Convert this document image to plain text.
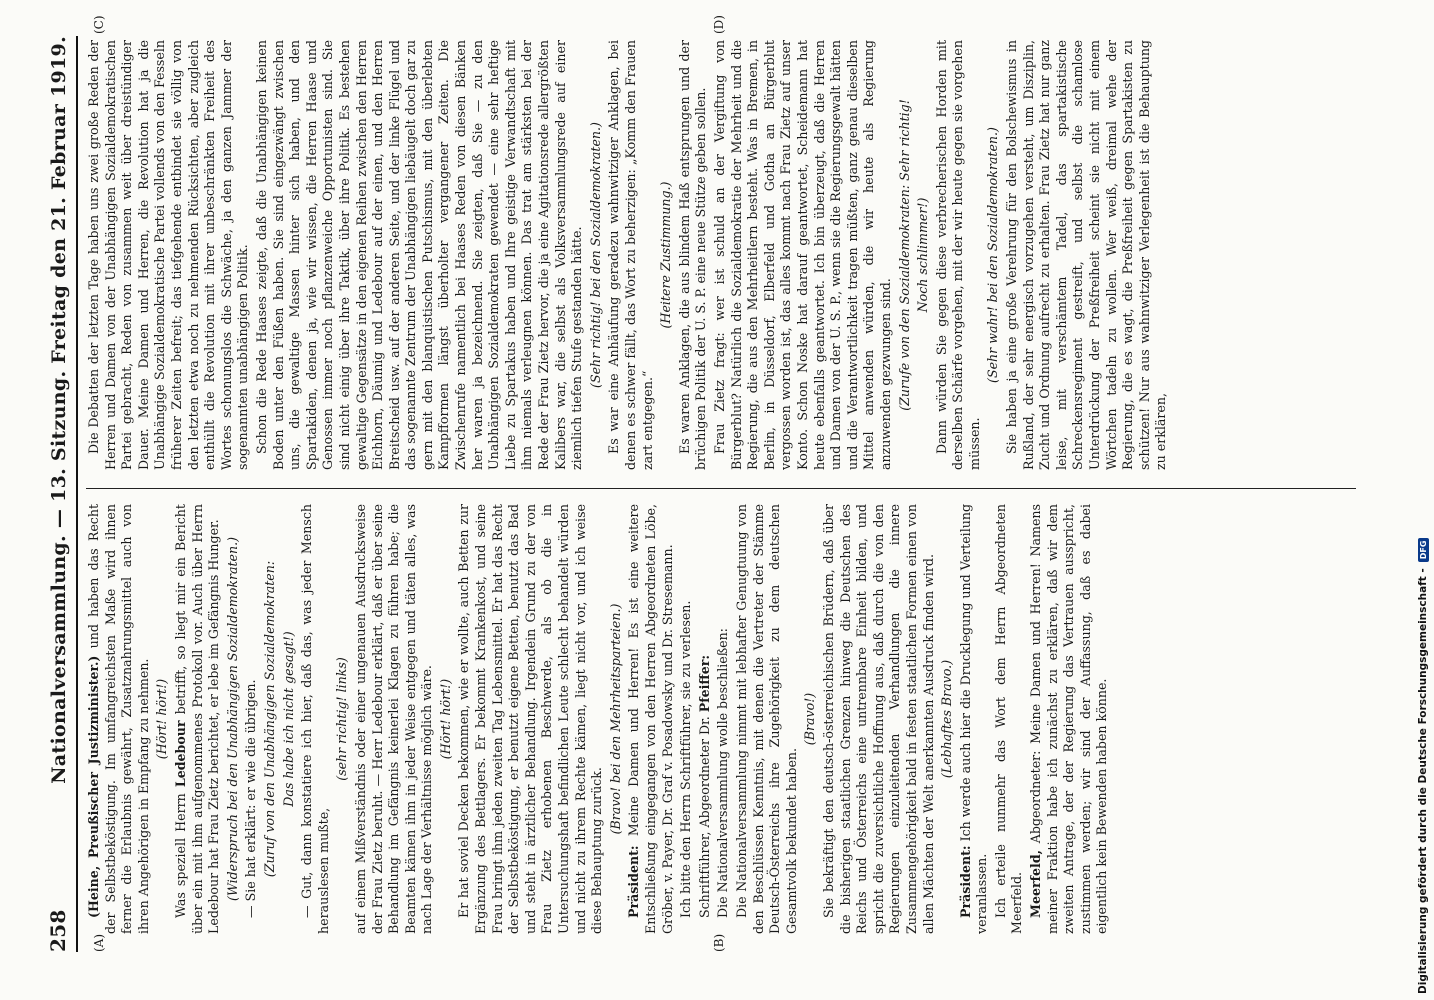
258
Nationalversammlung. — 13. Sitzung. Freitag den 21. Februar 1919.
(A)	(B)
(C)	(D)

(Heine, Preußischer Justizminister.) und haben das Recht der Selbstbeköstigung. Im umfangreichsten Maße wird ihnen ferner die Erlaubnis gewährt, Zusatznahrungsmittel auch von ihren Angehörigen in Empfang zu nehmen. (Hört! hört!)

Was speziell Herrn Ledebour betrifft, so liegt mir ein Bericht über ein mit ihm aufgenommenes Protokoll vor. Auch über Herrn Ledebour hat Frau Zietz berichtet, er lebe im Gefängnis Hunger. (Widerspruch bei den Unabhängigen Sozialdemokraten.) — Sie hat erklärt: er wie die übrigen. (Zuruf von den Unabhängigen Sozialdemokraten: Das habe ich nicht gesagt!) — Gut, dann konstatiere ich hier, daß das, was jeder Mensch herauslesen mußte,

(sehr richtig! links) auf einem Mißverständnis oder einer ungenauen Ausdrucksweise der Frau Zietz beruht. — Herr Ledebour erklärt, daß er über seine Behandlung im Gefängnis keinerlei Klagen zu führen habe; die Beamten kämen ihm in jeder Weise entgegen und täten alles, was nach Lage der Verhältnisse möglich wäre. (Hört! hört!) Er hat soviel Decken bekommen, wie er wollte, auch Betten zur Ergänzung des Bettlagers. Er bekommt Krankenkost, und seine Frau bringt ihm jeden zweiten Tag Lebensmittel. Er hat das Recht der Selbstbeköstigung, er benutzt eigene Betten, benutzt das Bad und steht in ärztlicher Behandlung. Irgendein Grund zu der von Frau Zietz erhobenen Beschwerde, als ob die in Untersuchungshaft befindlichen Leute schlecht behandelt würden und nicht zu ihrem Rechte kämen, liegt nicht vor, und ich weise diese Behauptung zurück.

(Bravo! bei den Mehrheitsparteien.)

Präsident: Meine Damen und Herren! Es ist eine weitere Entschließung eingegangen von den Herren Abgeordneten Löbe, Gröber, v. Payer, Dr. Graf v. Posadowsky und Dr. Stresemann. Ich bitte den Herrn Schriftführer, sie zu verlesen. Schriftführer, Abgeordneter Dr. Pfeiffer: Die Nationalversammlung wolle beschließen: Die Nationalversammlung nimmt mit lebhafter Genugtuung von den Beschlüssen Kenntnis, mit denen die Vertreter der Stämme Deutsch-Österreichs ihre Zugehörigkeit zu dem deutschen Gesamtvolk bekundet haben.

(Bravo!) Sie bekräftigt den deutsch-österreichischen Brüdern, daß über die bisherigen staatlichen Grenzen hinweg die Deutschen des Reichs und Österreichs eine untrennbare Einheit bilden, und spricht die zuversichtliche Hoffnung aus, daß durch die von den Regierungen einzuleitenden Verhandlungen die innere Zusammengehörigkeit bald in festen staatlichen Formen einen von allen Mächten der Welt anerkannten Ausdruck finden wird. (Lebhaftes Bravo.)

Präsident: Ich werde auch hier die Drucklegung und Verteilung veranlassen. Ich erteile nunmehr das Wort dem Herrn Abgeordneten Meerfeld. Meerfeld, Abgeordneter: Meine Damen und Herren! Namens meiner Fraktion habe ich zunächst zu erklären, daß wir dem zweiten Antrage, der der Regierung das Vertrauen ausspricht, zustimmen werden; wir sind der Auffassung, daß es dabei eigentlich kein Bewenden haben könne.

Die Debatten der letzten Tage haben uns zwei große Reden der Herren und Damen von der Unabhängigen Sozialdemokratischen Partei gebracht, Reden von zusammen weit über dreistündiger Dauer. Meine Damen und Herren, die Revolution hat ja die Unabhängige Sozialdemokratische Partei vollends von den Fesseln früherer Zeiten befreit; das tiefgehende entbindet sie völlig von den letzten etwa noch zu nehmenden Rücksichten, aber zugleich enthüllt die Revolution mit ihrer unbeschränkten Freiheit des Wortes schonungslos die Schwäche, ja den ganzen Jammer der sogenannten unabhängigen Politik. Schon die Rede Haases zeigte, daß die Unabhängigen keinen Boden unter den Füßen haben. Sie sind eingezwängt zwischen uns, die gewaltige Massen hinter sich haben, und den Spartakiden, denen ja, wie wir wissen, die Herren Haase und Genossen immer noch pflanzenweiche Opportunisten sind. Sie sind nicht einig über ihre Taktik, über ihre Politik. Es bestehen gewaltige Gegensätze in den eigenen Reihen zwischen den Herren Eichhorn, Däumig und Ledebour auf der einen, und den Herren Breitscheid usw. auf der anderen Seite, und der linke Flügel und das sogenannte Zentrum der Unabhängigen liebäugelt doch gar zu gern mit den blanquistischen Putschismus, mit den überlebten Kampfformen längst überholter vergangener Zeiten. Die Zwischenrufe namentlich bei Haases Reden von diesen Bänken her waren ja bezeichnend. Sie zeigten, daß Sie — zu den Unabhängigen Sozialdemokraten gewendet — eine sehr heftige Liebe zu Spartakus haben und Ihre geistige Verwandtschaft mit ihm niemals verleugnen können. Das trat am stärksten bei der Rede der Frau Zietz hervor, die ja eine Agitationsrede allergrößten Kalibers war, die selbst als Volksversammlungsrede auf einer ziemlich tiefen Stufe gestanden hätte. (Sehr richtig! bei den Sozialdemokraten.) Es war eine Anhäufung geradezu wahnwitziger Anklagen, bei denen es schwer fällt, das Wort zu beherzigen: „Komm den Frauen zart entgegen.“

(Heitere Zustimmung.) Es waren Anklagen, die aus blindem Haß entsprungen und der brüchigen Politik der U. S. P. eine neue Stütze geben sollen. Frau Zietz fragt: wer ist schuld an der Vergiftung von Bürgerblut? Natürlich die Sozialdemokratie der Mehrheit und die Regierung, die aus den Mehrheitlern besteht. Was in Bremen, in Berlin, in Düsseldorf, Elberfeld und Gotha an Bürgerblut vergossen worden ist, das alles kommt nach Frau Zietz auf unser Konto. Schon Noske hat darauf geantwortet, Scheidemann hat heute ebenfalls geantwortet. Ich bin überzeugt, daß die Herren und Damen von der U. S. P., wenn sie die Regierungsgewalt hätten und die Verantwortlichkeit tragen müßten, ganz genau dieselben Mittel anwenden würden, die wir heute als Regierung anzuwenden gezwungen sind. (Zurufe von den Sozialdemokraten: Sehr richtig! Noch schlimmer!) Dann würden Sie gegen diese verbrecherischen Horden mit derselben Schärfe vorgehen, mit der wir heute gegen sie vorgehen müssen.

(Sehr wahr! bei den Sozialdemokraten.) Sie haben ja eine große Verehrung für den Bolschewismus in Rußland, der sehr energisch vorzugehen versteht, um Disziplin, Zucht und Ordnung aufrecht zu erhalten. Frau Zietz hat nur ganz leise, mit verschämtem Tadel, das spartakistische Schreckensregiment gestreift, und selbst die schamlose Unterdrückung der Preßfreiheit scheint sie nicht mit einem Wörtchen tadeln zu wollen. Wer weiß, dreimal wehe der Regierung, die es wagt, die Preßfreiheit gegen Spartakisten zu schützen! Nur aus wahnwitziger Verlegenheit ist die Behauptung zu erklären,

Digitalisierung gefördert durch die Deutsche Forschungsgemeinschaft -
DFG
